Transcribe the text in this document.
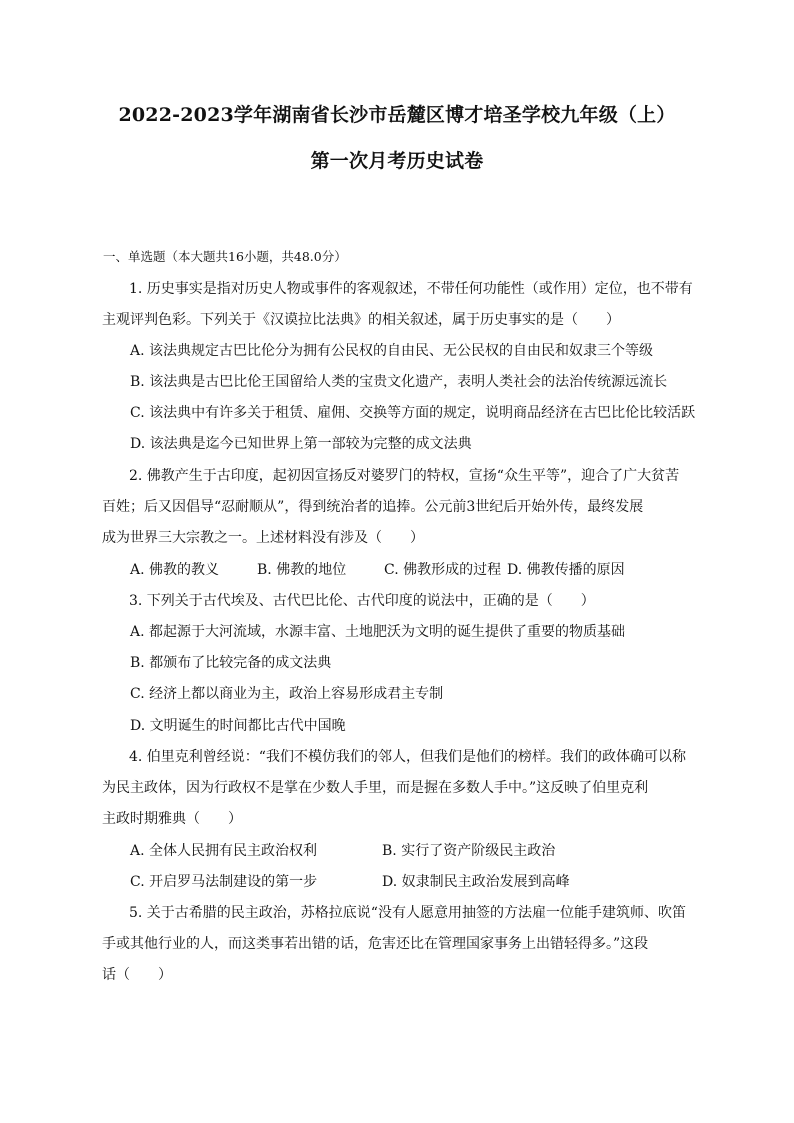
2022-2023学年湖南省长沙市岳麓区博才培圣学校九年级（上）
第一次月考历史试卷

一、单选题（本大题共16小题，共48.0分）

1. 历史事实是指对历史人物或事件的客观叙述，不带任何功能性（或作用）定位，也不带有
主观评判色彩。下列关于《汉谟拉比法典》的相关叙述，属于历史事实的是（　　）
A. 该法典规定古巴比伦分为拥有公民权的自由民、无公民权的自由民和奴隶三个等级
B. 该法典是古巴比伦王国留给人类的宝贵文化遗产，表明人类社会的法治传统源远流长
C. 该法典中有许多关于租赁、雇佣、交换等方面的规定，说明商品经济在古巴比伦比较活跃
D. 该法典是迄今已知世界上第一部较为完整的成文法典
2. 佛教产生于古印度，起初因宣扬反对婆罗门的特权，宣扬“众生平等”，迎合了广大贫苦
百姓；后又因倡导“忍耐顺从”，得到统治者的追捧。公元前3世纪后开始外传，最终发展
成为世界三大宗教之一。上述材料没有涉及（　　）
A. 佛教的教义	B. 佛教的地位	C. 佛教形成的过程 D. 佛教传播的原因
3. 下列关于古代埃及、古代巴比伦、古代印度的说法中，正确的是（　　）
A. 都起源于大河流域，水源丰富、土地肥沃为文明的诞生提供了重要的物质基础
B. 都颁布了比较完备的成文法典
C. 经济上都以商业为主，政治上容易形成君主专制
D. 文明诞生的时间都比古代中国晚
4. 伯里克利曾经说：“我们不模仿我们的邻人，但我们是他们的榜样。我们的政体确可以称
为民主政体，因为行政权不是掌在少数人手里，而是握在多数人手中。”这反映了伯里克利
主政时期雅典（　　）
A. 全体人民拥有民主政治权利	B. 实行了资产阶级民主政治
C. 开启罗马法制建设的第一步	D. 奴隶制民主政治发展到高峰
5. 关于古希腊的民主政治，苏格拉底说“没有人愿意用抽签的方法雇一位能手建筑师、吹笛
手或其他行业的人，而这类事若出错的话，危害还比在管理国家事务上出错轻得多。”这段
话（　　）
